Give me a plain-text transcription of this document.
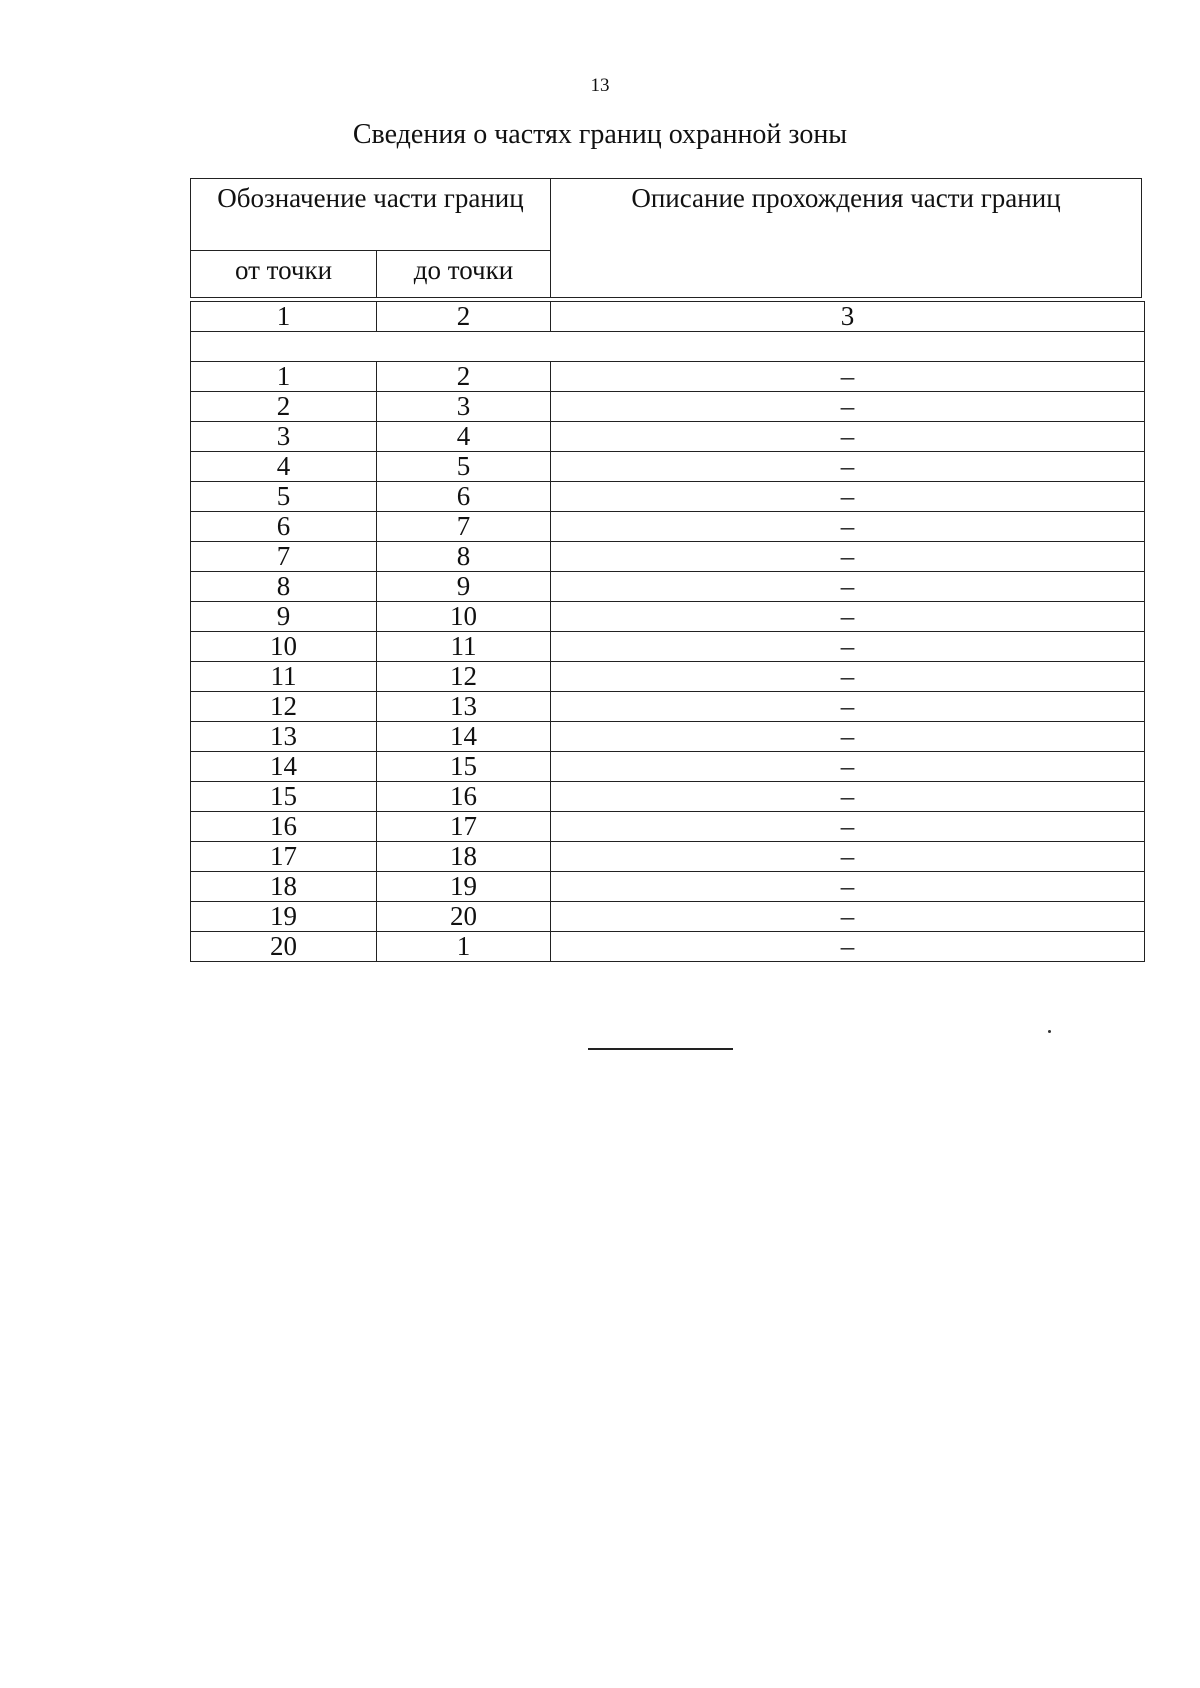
13
Сведения о частях границ охранной зоны
Обозначение части границ
от точки	до точки
Описание прохождения части границ
1	2	3

1	2	–
2	3	–
3	4	–
4	5	–
5	6	–
6	7	–
7	8	–
8	9	–
9	10	–
10	11	–
11	12	–
12	13	–
13	14	–
14	15	–
15	16	–
16	17	–
17	18	–
18	19	–
19	20	–
20	1	–
